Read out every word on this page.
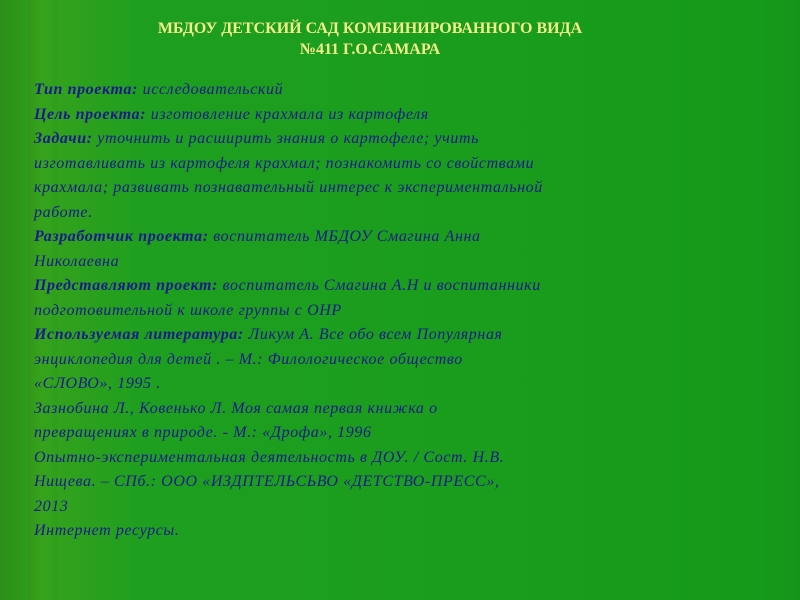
МБДОУ ДЕТСКИЙ САД КОМБИНИРОВАННОГО ВИДА

№411 Г.О.САМАРА
Тип проекта: исследовательский
Цель проекта: изготовление крахмала из картофеля
Задачи: уточнить и расширить знания о картофеле; учить
изготавливать из картофеля крахмал; познакомить со свойствами
крахмала; развивать познавательный интерес к экспериментальной
работе.
Разработчик проекта: воспитатель МБДОУ Смагина Анна
Николаевна
Представляют проект: воспитатель Смагина А.Н и воспитанники
подготовительной к школе группы с ОНР
Используемая литература: Ликум А. Все обо всем Популярная
энциклопедия для детей . – М.: Филологическое общество
«СЛОВО», 1995 .
Зазнобина Л., Ковенько Л. Моя самая первая книжка о
превращениях в природе. - М.: «Дрофа», 1996
Опытно-экспериментальная деятельность в ДОУ. / Сост. Н.В.
Нищева. – СПб.: ООО «ИЗДПТЕЛЬСЬВО «ДЕТСТВО-ПРЕСС»,
2013
Интернет ресурсы.
